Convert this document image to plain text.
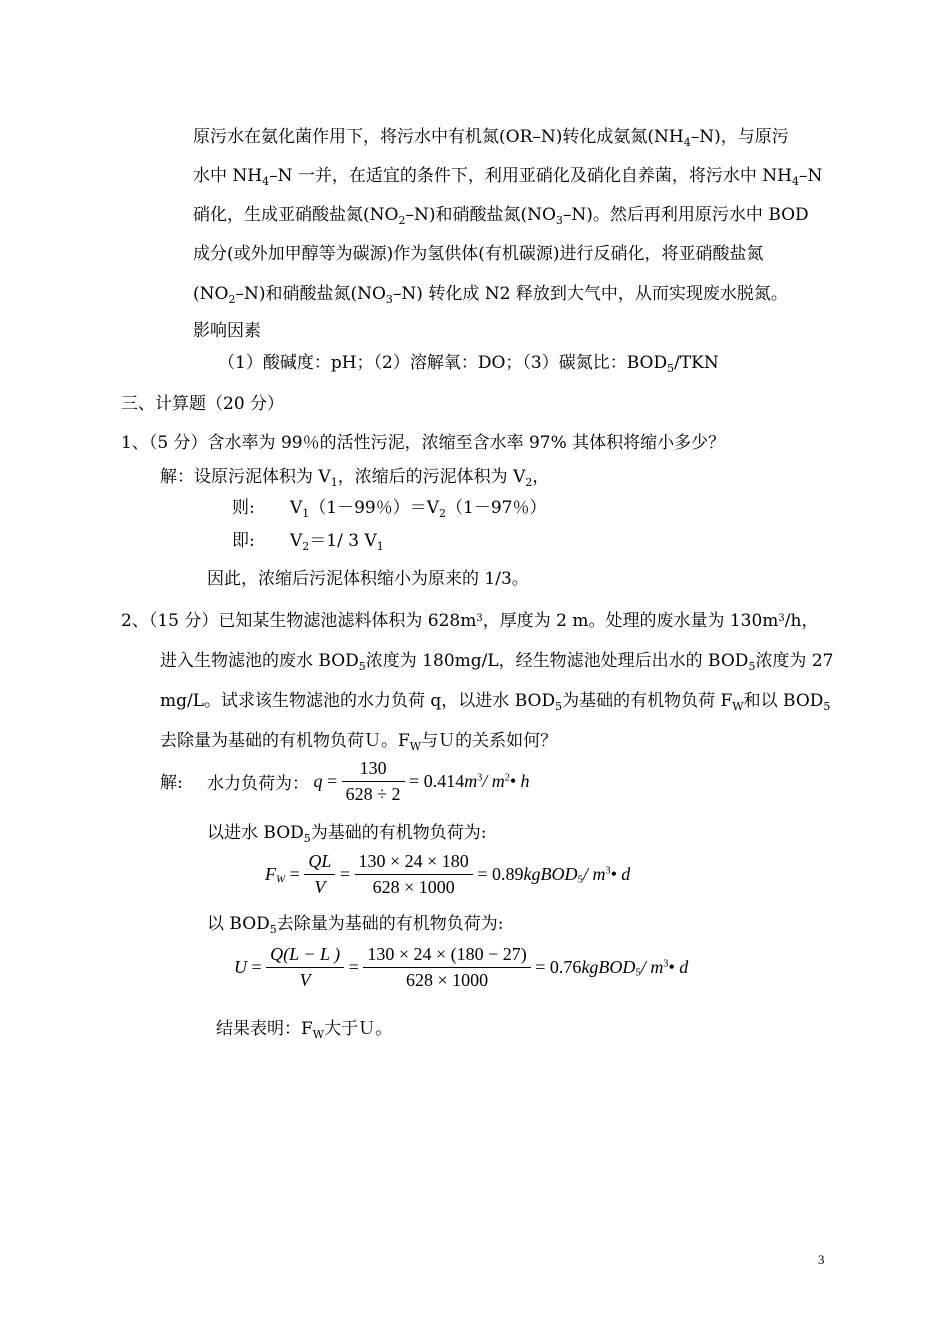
原污水在氨化菌作用下，将污水中有机氮(OR–N)转化成氨氮$(NH_4-N)$，与原污
水中 $NH_4-N$ 一并，在适宜的条件下，利用亚硝化及硝化自养菌，将污水中 $NH_4-N$
硝化，生成亚硝酸盐氮$(NO_2-N)$和硝酸盐氮$(NO_3-N)$。然后再利用原污水中 BOD
成分(或外加甲醇等为碳源)作为氢供体(有机碳源)进行反硝化，将亚硝酸盐氮
$(NO_2-N)$和硝酸盐氮$(NO_3-N)$ 转化成 N2 释放到大气中，从而实现废水脱氮。
影响因素
（1）酸碱度：pH；（2）溶解氧：DO；（3）碳氮比：$BOD_5$/TKN
三、计算题（20 分）
1、（5 分）含水率为 99％的活性污泥，浓缩至含水率 97% 其体积将缩小多少？
解：设原污泥体积为 $V_1$，浓缩后的污泥体积为 $V_2$，
则: $V_1(1-99$％）$=V_2(1-97$％）
即: $V_2=1/$ 3 $V_1$
因此，浓缩后污泥体积缩小为原来的 1/3。
2、（15 分）已知某生物滤池滤料体积为 $628m^3$，厚度为 2 m。处理的废水量为 $130m^3/h$，
进入生物滤池的废水 $BOD_5$浓度为 180mg/L，经生物滤池处理后出水的 $BOD_5$浓度为 27
mg/L。试求该生物滤池的水力负荷 q，以进水 $BOD_5$为基础的有机物负荷 $F_W$和以 $BOD_5$
去除量为基础的有机物负荷Ｕ。$F_W$与Ｕ的关系如何？
解: 水力负荷为： $q = \frac{130}{628 \div 2} = 0.414m^3/$ $m^2•$ h
以进水 $BOD_5$为基础的有机物负荷为:
$F_W = \frac{QL}{V} = \frac{130 \times 24 \times 180}{628 \times 1000}$ = 0.89kgBOD$_5$/ $m^3•$ d
以 $BOD_5$去除量为基础的有机物负荷为:
$U = \frac{Q(L - L )}{V} = \frac{130 \times 24 \times (180 - 27)}{628 \times 1000}$ = 0.76kgBOD$_5$/ $m^3•$ d
结果表明：$F_W$大于Ｕ。
3
